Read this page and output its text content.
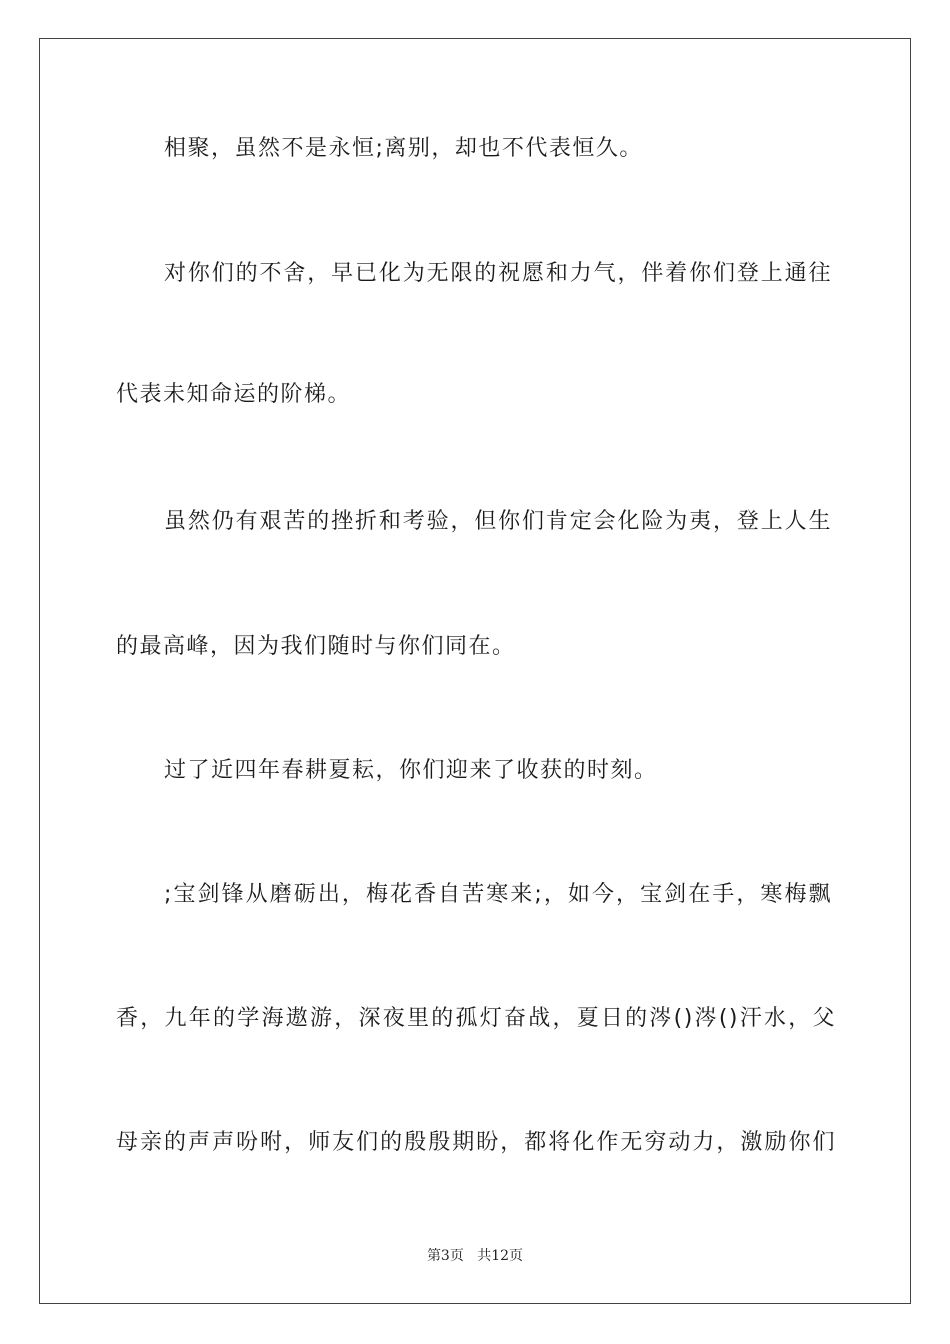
相聚，虽然不是永恒;离别，却也不代表恒久。
对你们的不舍，早已化为无限的祝愿和力气，伴着你们登上通往
代表未知命运的阶梯。
虽然仍有艰苦的挫折和考验，但你们肯定会化险为夷，登上人生
的最高峰，因为我们随时与你们同在。
过了近四年春耕夏耘，你们迎来了收获的时刻。
;宝剑锋从磨砺出，梅花香自苦寒来;，如今，宝剑在手，寒梅飘
香，九年的学海遨游，深夜里的孤灯奋战，夏日的涔()涔()汗水，父
母亲的声声吩咐，师友们的殷殷期盼，都将化作无穷动力，激励你们
第3页 共12页
